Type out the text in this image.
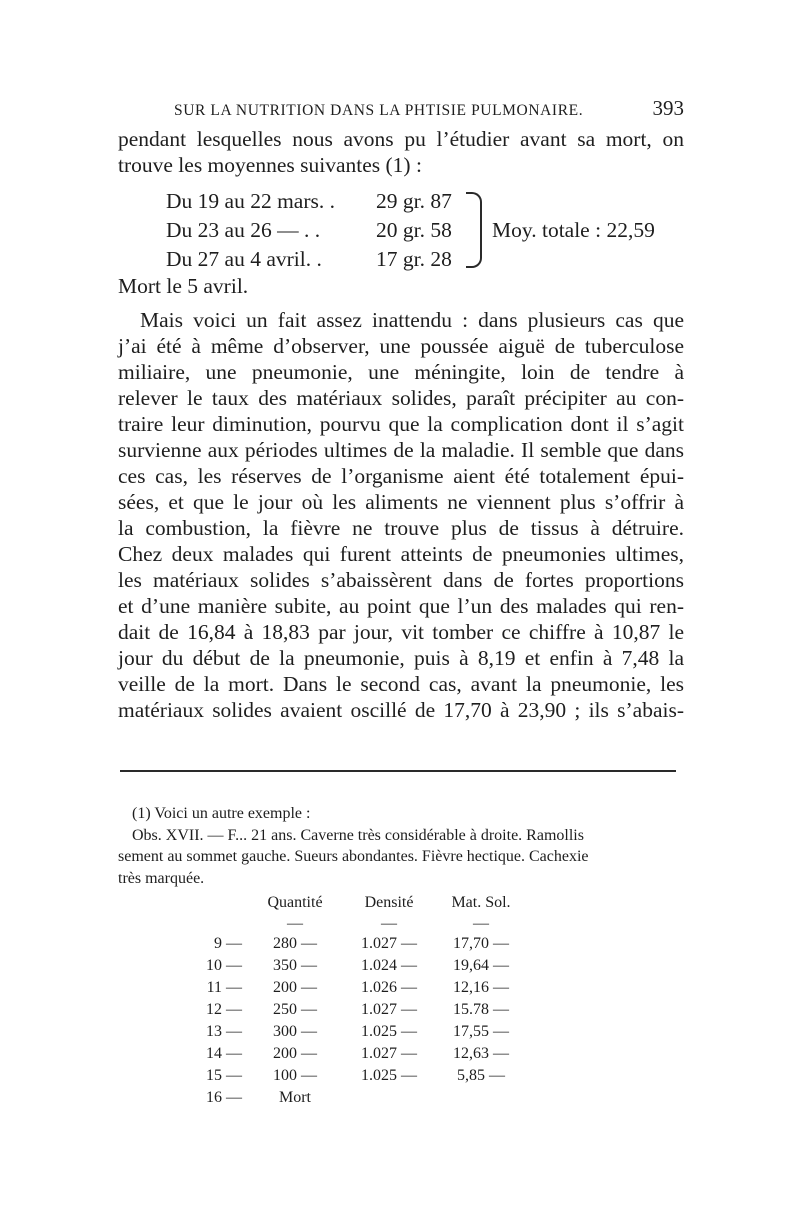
SUR LA NUTRITION DANS LA PHTISIE PULMONAIRE.	393

pendant lesquelles nous avons pu l’étudier avant sa mort, on

trouve les moyennes suivantes (1) :

Du 19 au 22 mars. .	29 gr. 87
Du 23 au 26 — . .	20 gr. 58
Du 27 au 4 avril. .	17 gr. 28
Moy. totale : 22,59

Mort le 5 avril.

Mais voici un fait assez inattendu : dans plusieurs cas que

j’ai été à même d’observer, une poussée aiguë de tuberculose

miliaire, une pneumonie, une méningite, loin de tendre à

relever le taux des matériaux solides, paraît précipiter au con-

traire leur diminution, pourvu que la complication dont il s’agit

survienne aux périodes ultimes de la maladie. Il semble que dans

ces cas, les réserves de l’organisme aient été totalement épui-

sées, et que le jour où les aliments ne viennent plus s’offrir à

la combustion, la fièvre ne trouve plus de tissus à détruire.

Chez deux malades qui furent atteints de pneumonies ultimes,

les matériaux solides s’abaissèrent dans de fortes proportions

et d’une manière subite, au point que l’un des malades qui ren-

dait de 16,84 à 18,83 par jour, vit tomber ce chiffre à 10,87 le

jour du début de la pneumonie, puis à 8,19 et enfin à 7,48 la

veille de la mort. Dans le second cas, avant la pneumonie, les

matériaux solides avaient oscillé de 17,70 à 23,90 ; ils s’abais-

(1) Voici un autre exemple :

Obs. XVII. — F... 21 ans. Caverne très considérable à droite. Ramollis

sement au sommet gauche. Sueurs abondantes. Fièvre hectique. Cachexie

très marquée.

	Quantité	Densité	Mat. Sol.
	—	—	—
9 —	280 —	1.027 —	17,70 —
10 —	350 —	1.024 —	19,64 —
11 —	200 —	1.026 —	12,16 —
12 —	250 —	1.027 —	15.78 —
13 —	300 —	1.025 —	17,55 —
14 —	200 —	1.027 —	12,63 —
15 —	100 —	1.025 —	5,85 —
16 —	Mort		
